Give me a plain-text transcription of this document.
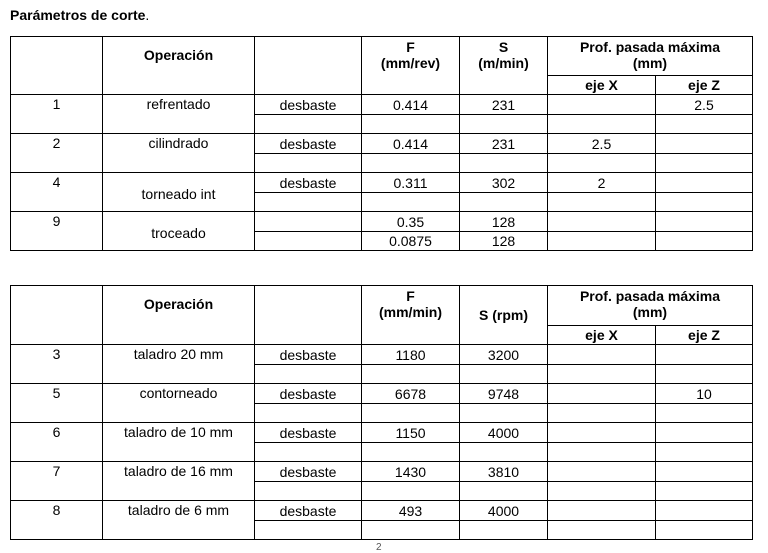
Parámetros de corte.
	Operación		F
(mm/rev)	S
(m/min)	Prof. pasada máxima
(mm)	
					eje X	eje Z
1	refrentado	desbaste	0.414	231		2.5

2	cilindrado	desbaste	0.414	231	2.5	

4	torneado int	desbaste	0.311	302	2	

9	troceado		0.35	128		
			0.0875	128		
	Operación		F
(mm/min)	S (rpm)	Prof. pasada máxima
(mm)	
					eje X	eje Z
3	taladro 20 mm	desbaste	1180	3200		

5	contorneado	desbaste	6678	9748		10

6	taladro de 10 mm	desbaste	1150	4000		

7	taladro de 16 mm	desbaste	1430	3810		

8	taladro de 6 mm	desbaste	493	4000		

2
